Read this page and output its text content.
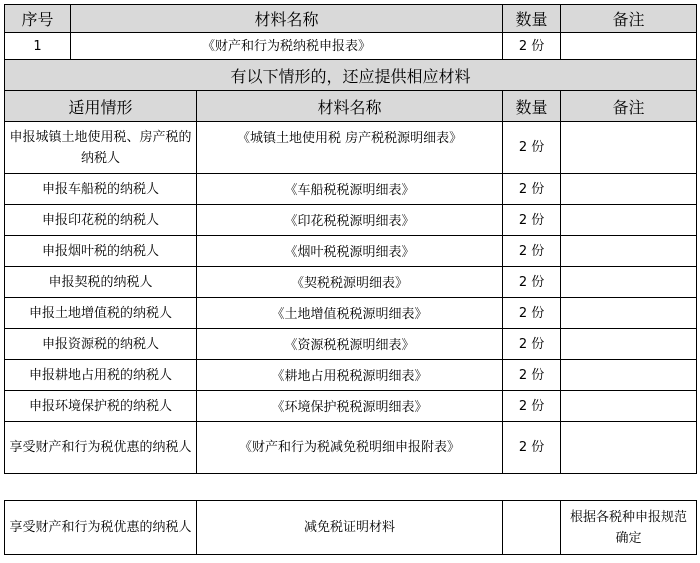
序号	材料名称		数量	备注
1	《财产和行为税纳税申报表》		2 份	
有以下情形的，还应提供相应材料				
适用情形		材料名称	数量	备注
申报城镇土地使用税、房产税的纳税人		《城镇土地使用税 房产税税源明细表》	2 份	
申报车船税的纳税人		《车船税税源明细表》	2 份	
申报印花税的纳税人		《印花税税源明细表》	2 份	
申报烟叶税的纳税人		《烟叶税税源明细表》	2 份	
申报契税的纳税人		《契税税源明细表》	2 份	
申报土地增值税的纳税人		《土地增值税税源明细表》	2 份	
申报资源税的纳税人		《资源税税源明细表》	2 份	
申报耕地占用税的纳税人		《耕地占用税税源明细表》	2 份	
申报环境保护税的纳税人		《环境保护税税源明细表》	2 份	
享受财产和行为税优惠的纳税人		《财产和行为税减免税明细申报附表》	2 份	
享受财产和行为税优惠的纳税人	减免税证明材料		根据各税种申报规范确定
